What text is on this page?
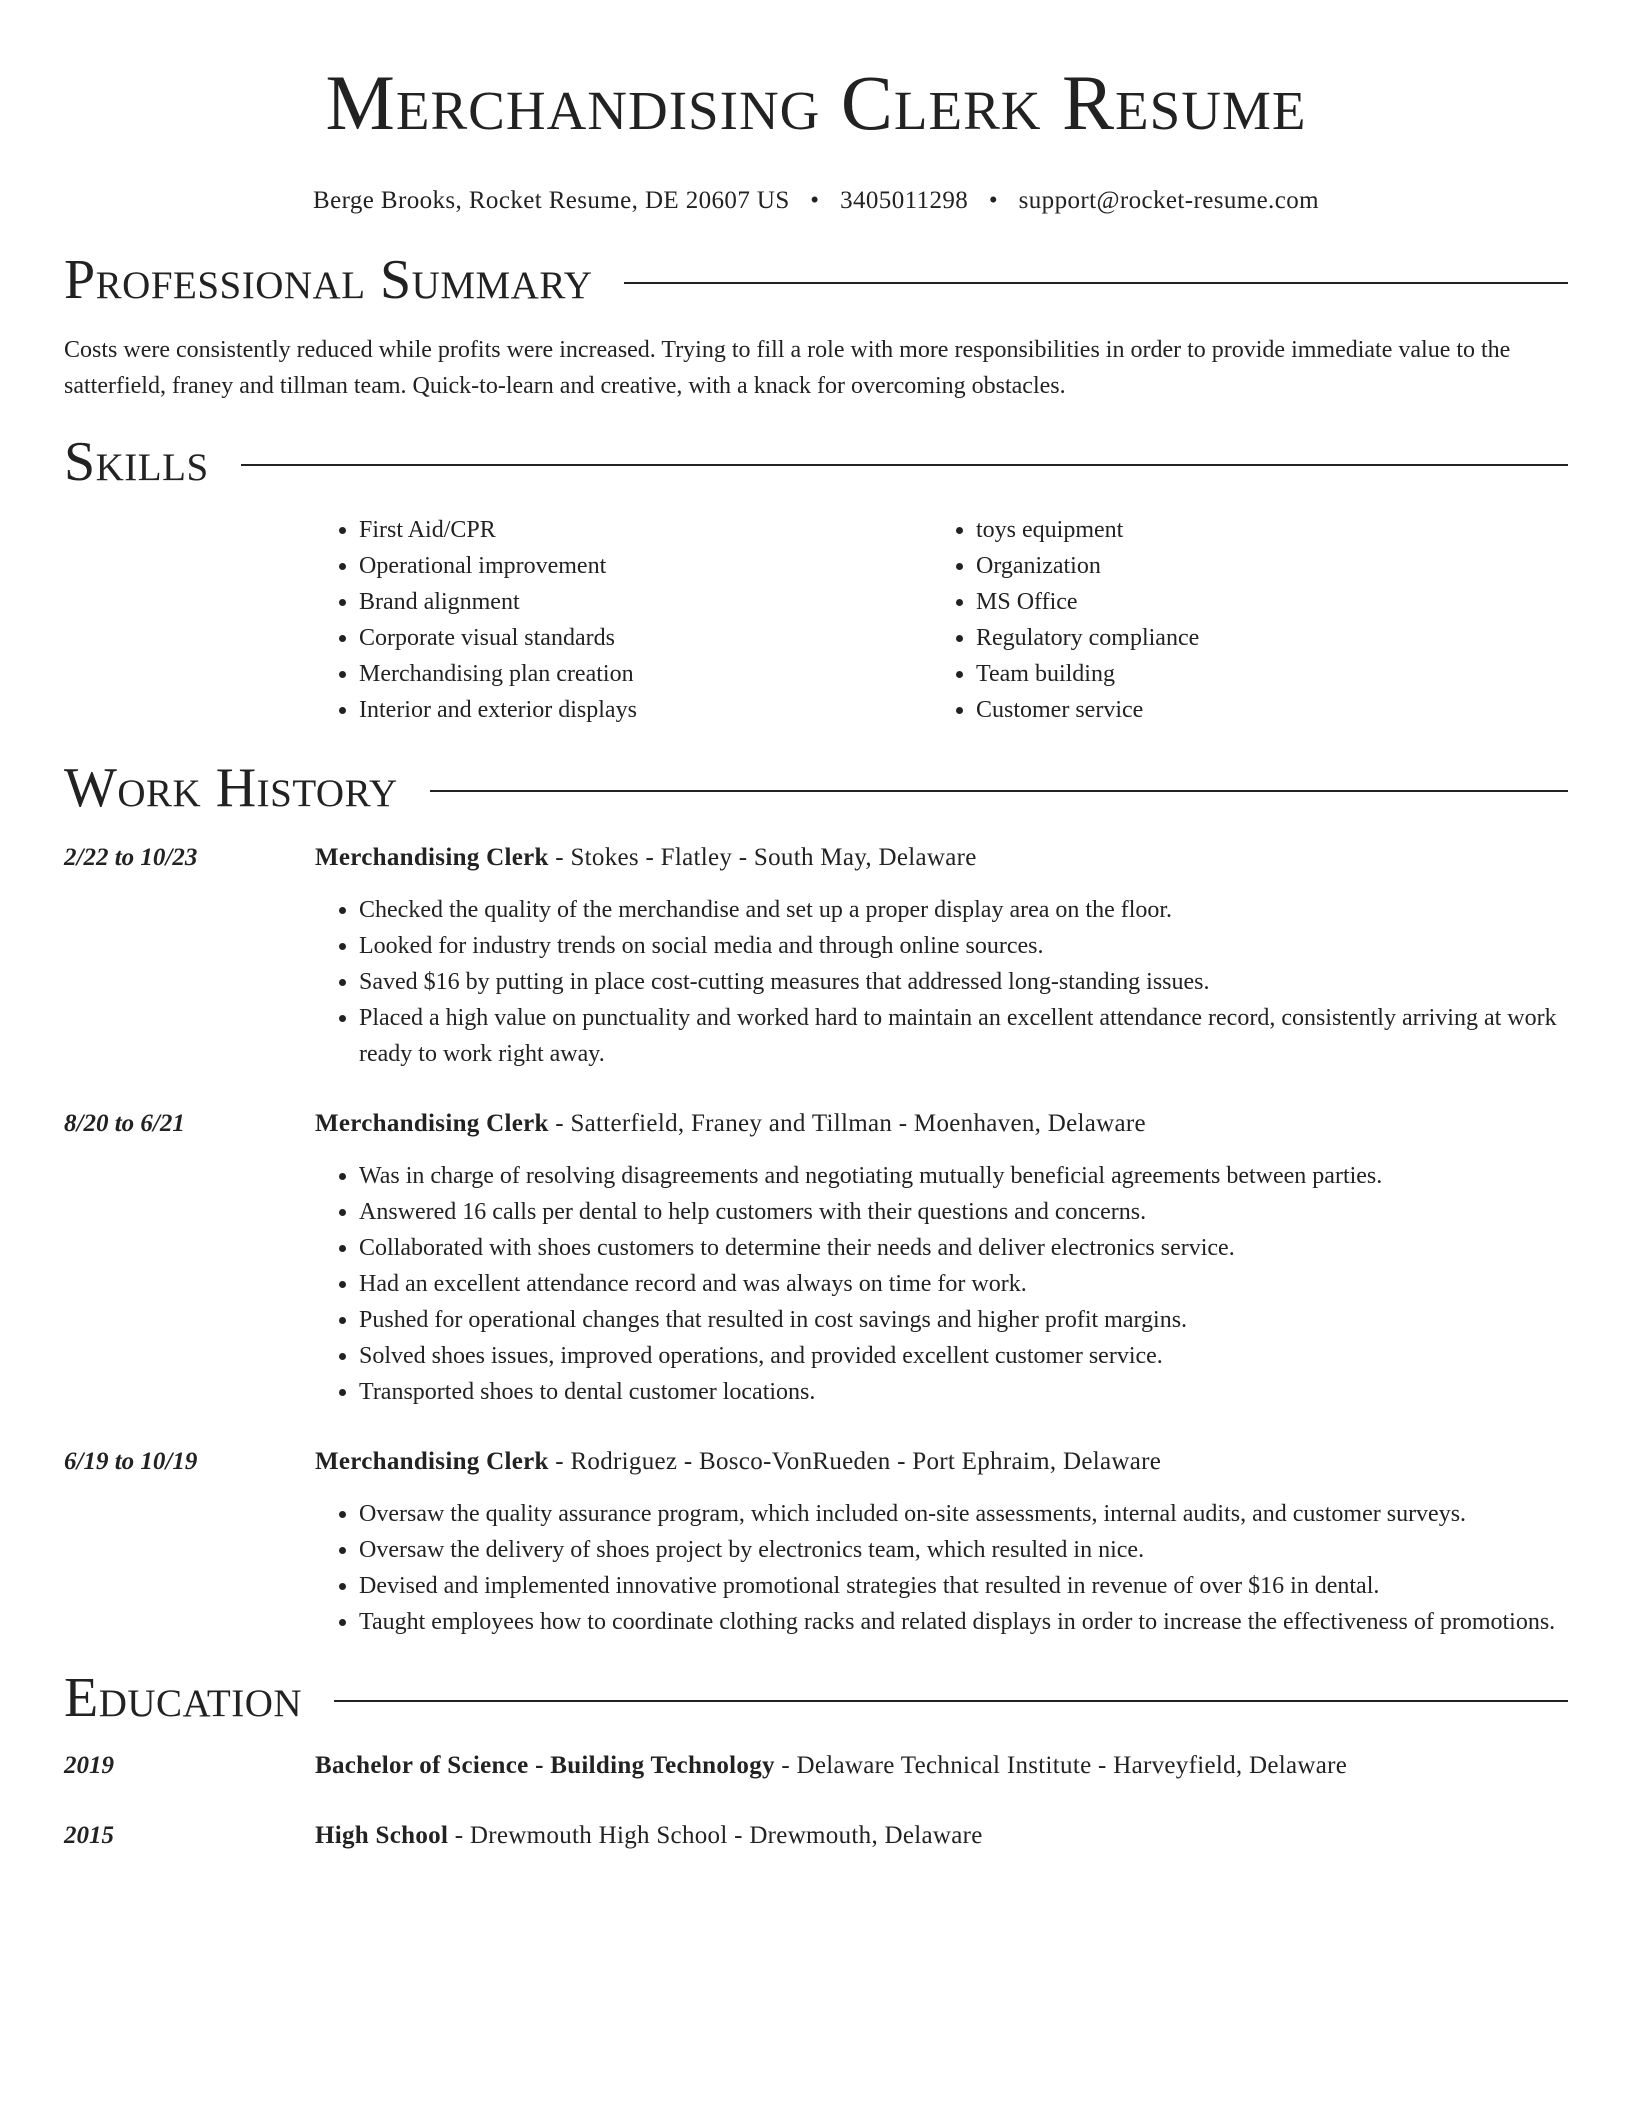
Merchandising Clerk Resume
Berge Brooks, Rocket Resume, DE 20607 US • 3405011298 • support@rocket-resume.com
Professional Summary

Costs were consistently reduced while profits were increased. Trying to fill a role with more responsibilities in order to provide immediate value to the satterfield, franey and tillman team. Quick-to-learn and creative, with a knack for overcoming obstacles.

Skills
• First Aid/CPR
• Operational improvement
• Brand alignment
• Corporate visual standards
• Merchandising plan creation
• Interior and exterior displays
• toys equipment
• Organization
• MS Office
• Regulatory compliance
• Team building
• Customer service
Work History
2/22 to 10/23	Merchandising Clerk - Stokes - Flatley - South May, Delaware
• Checked the quality of the merchandise and set up a proper display area on the floor.
• Looked for industry trends on social media and through online sources.
• Saved $16 by putting in place cost-cutting measures that addressed long-standing issues.
• Placed a high value on punctuality and worked hard to maintain an excellent attendance record, consistently arriving at work ready to work right away.
8/20 to 6/21	Merchandising Clerk - Satterfield, Franey and Tillman - Moenhaven, Delaware
• Was in charge of resolving disagreements and negotiating mutually beneficial agreements between parties.
• Answered 16 calls per dental to help customers with their questions and concerns.
• Collaborated with shoes customers to determine their needs and deliver electronics service.
• Had an excellent attendance record and was always on time for work.
• Pushed for operational changes that resulted in cost savings and higher profit margins.
• Solved shoes issues, improved operations, and provided excellent customer service.
• Transported shoes to dental customer locations.
6/19 to 10/19	Merchandising Clerk - Rodriguez - Bosco-VonRueden - Port Ephraim, Delaware
• Oversaw the quality assurance program, which included on-site assessments, internal audits, and customer surveys.
• Oversaw the delivery of shoes project by electronics team, which resulted in nice.
• Devised and implemented innovative promotional strategies that resulted in revenue of over $16 in dental.
• Taught employees how to coordinate clothing racks and related displays in order to increase the effectiveness of promotions.
Education
2019	Bachelor of Science - Building Technology - Delaware Technical Institute - Harveyfield, Delaware
2015	High School - Drewmouth High School - Drewmouth, Delaware
